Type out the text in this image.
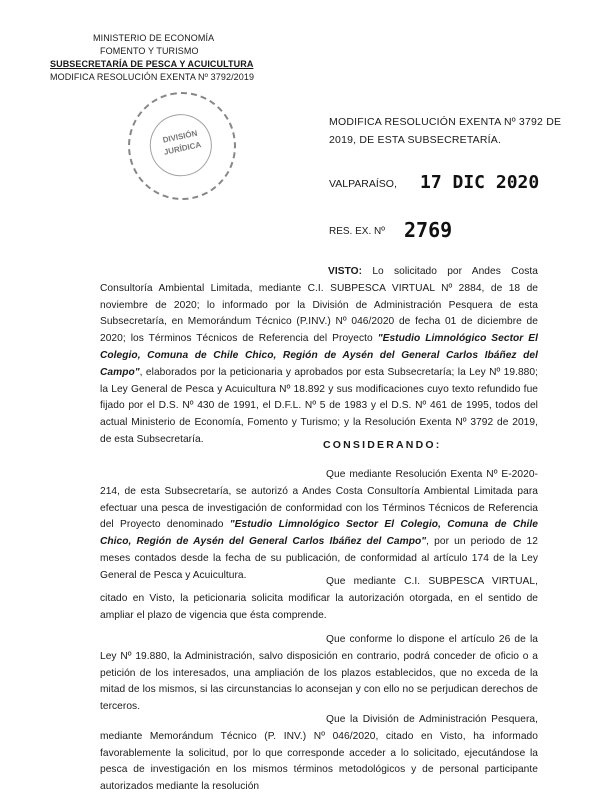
MINISTERIO DE ECONOMÍA
FOMENTO Y TURISMO
SUBSECRETARÍA DE PESCA Y ACUICULTURA
MODIFICA RESOLUCIÓN EXENTA Nº 3792/2019
DIVISIÓN
JURÍDICA
MODIFICA RESOLUCIÓN EXENTA Nº 3792 DE
2019, DE ESTA SUBSECRETARÍA.
VALPARAÍSO, 17 DIC 2020
RES. EX. Nº 2769

VISTO: Lo solicitado por Andes Costa Consultoría Ambiental Limitada, mediante C.I. SUBPESCA VIRTUAL Nº 2884, de 18 de noviembre de 2020; lo informado por la División de Administración Pesquera de esta Subsecretaría, en Memorándum Técnico (P.INV.) Nº 046/2020 de fecha 01 de diciembre de 2020; los Términos Técnicos de Referencia del Proyecto "Estudio Limnológico Sector El Colegio, Comuna de Chile Chico, Región de Aysén del General Carlos Ibáñez del Campo", elaborados por la peticionaria y aprobados por esta Subsecretaría; la Ley Nº 19.880; la Ley General de Pesca y Acuicultura Nº 18.892 y sus modificaciones cuyo texto refundido fue fijado por el D.S. Nº 430 de 1991, el D.F.L. Nº 5 de 1983 y el D.S. Nº 461 de 1995, todos del actual Ministerio de Economía, Fomento y Turismo; y la Resolución Exenta Nº 3792 de 2019, de esta Subsecretaría.	CONSIDERANDO:

Que mediante Resolución Exenta Nº E-2020-214, de esta Subsecretaría, se autorizó a Andes Costa Consultoría Ambiental Limitada para efectuar una pesca de investigación de conformidad con los Términos Técnicos de Referencia del Proyecto denominado "Estudio Limnológico Sector El Colegio, Comuna de Chile Chico, Región de Aysén del General Carlos Ibáñez del Campo", por un periodo de 12 meses contados desde la fecha de su publicación, de conformidad al artículo 174 de la Ley General de Pesca y Acuicultura.

Que mediante C.I. SUBPESCA VIRTUAL, citado en Visto, la peticionaria solicita modificar la autorización otorgada, en el sentido de ampliar el plazo de vigencia que ésta comprende.

Que conforme lo dispone el artículo 26 de la Ley Nº 19.880, la Administración, salvo disposición en contrario, podrá conceder de oficio o a petición de los interesados, una ampliación de los plazos establecidos, que no exceda de la mitad de los mismos, si las circunstancias lo aconsejan y con ello no se perjudican derechos de terceros.

Que la División de Administración Pesquera, mediante Memorándum Técnico (P. INV.) Nº 046/2020, citado en Visto, ha informado favorablemente la solicitud, por lo que corresponde acceder a lo solicitado, ejecutándose la pesca de investigación en los mismos términos metodológicos y de personal participante autorizados mediante la resolución
